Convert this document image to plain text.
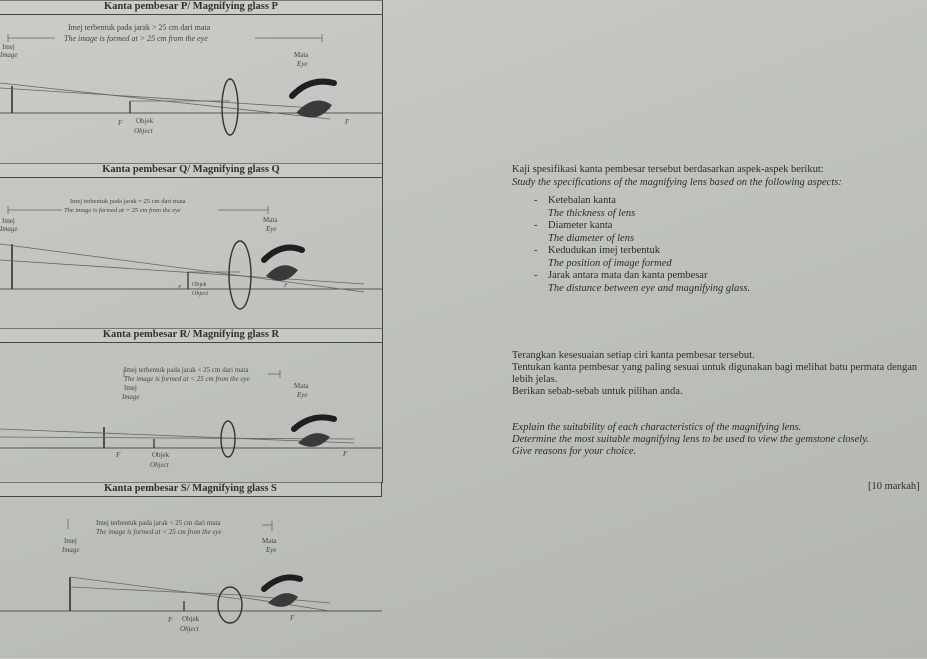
Kanta pembesar P/ Magnifying glass P
Imej terbentuk pada jarak > 25 cm dari mata
The image is formed at > 25 cm from the eye
Imej
Image	Mata
Eye
Objek
Object
F	F
Kanta pembesar Q/ Magnifying glass Q
Imej terbentuk pada jarak = 25 cm dari mata
The image is formed at = 25 cm from the eye
Imej
Image
Mata
Eye
Objek
Object
F	F
Kanta pembesar R/ Magnifying glass R
Imej terbentuk pada jarak < 25 cm dari mata
The image is formed at < 25 cm from the eye
Imej
Image
Mata
Eye
Objek
Object
F	F
Kanta pembesar S/ Magnifying glass S
Imej terbentuk pada jarak < 25 cm dari mata
The image is formed at < 25 cm from the eye
Imej
Image
Mata
Eye
Objek
Object
F	F

Kaji spesifikasi kanta pembesar tersebut berdasarkan aspek-aspek berikut:

Study the specifications of the magnifying lens based on the following aspects:

- Ketebalan kanta
The thickness of lens
- Diameter kanta
The diameter of lens
- Kedudukan imej terbentuk
The position of image formed
- Jarak antara mata dan kanta pembesar
The distance between eye and magnifying glass.

Terangkan kesesuaian setiap ciri kanta pembesar tersebut.

Tentukan kanta pembesar yang paling sesuai untuk digunakan bagi melihat batu permata dengan lebih jelas.

Berikan sebab-sebab untuk pilihan anda.

Explain the suitability of each characteristics of the magnifying lens.

Determine the most suitable magnifying lens to be used to view the gemstone closely.

Give reasons for your choice.

[10 markah]
